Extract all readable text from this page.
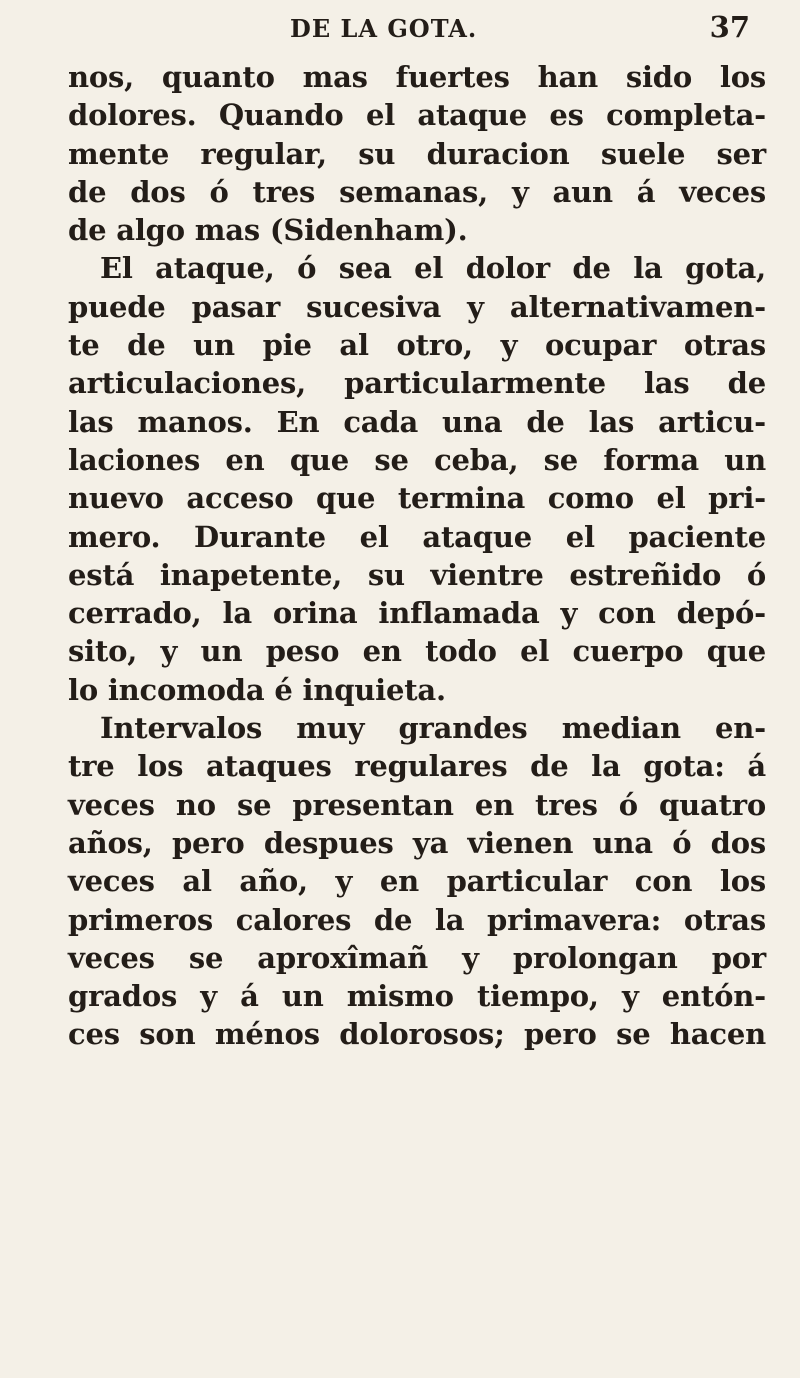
DE LA GOTA.	37
nos, quanto mas fuertes han sido los
dolores. Quando el ataque es completa-
mente regular, su duracion suele ser
de dos ó tres semanas, y aun á veces
de algo mas (Sidenham).
El ataque, ó sea el dolor de la gota,
puede pasar sucesiva y alternativamen-
te de un pie al otro, y ocupar otras
articulaciones, particularmente las de
las manos. En cada una de las articu-
laciones en que se ceba, se forma un
nuevo acceso que termina como el pri-
mero. Durante el ataque el paciente
está inapetente, su vientre estreñido ó
cerrado, la orina inflamada y con depó-
sito, y un peso en todo el cuerpo que
lo incomoda é inquieta.
Intervalos muy grandes median en-
tre los ataques regulares de la gota: á
veces no se presentan en tres ó quatro
años, pero despues ya vienen una ó dos
veces al año, y en particular con los
primeros calores de la primavera: otras
veces se aproxîmañ y prolongan por
grados y á un mismo tiempo, y entón-
ces son ménos dolorosos; pero se hacen
